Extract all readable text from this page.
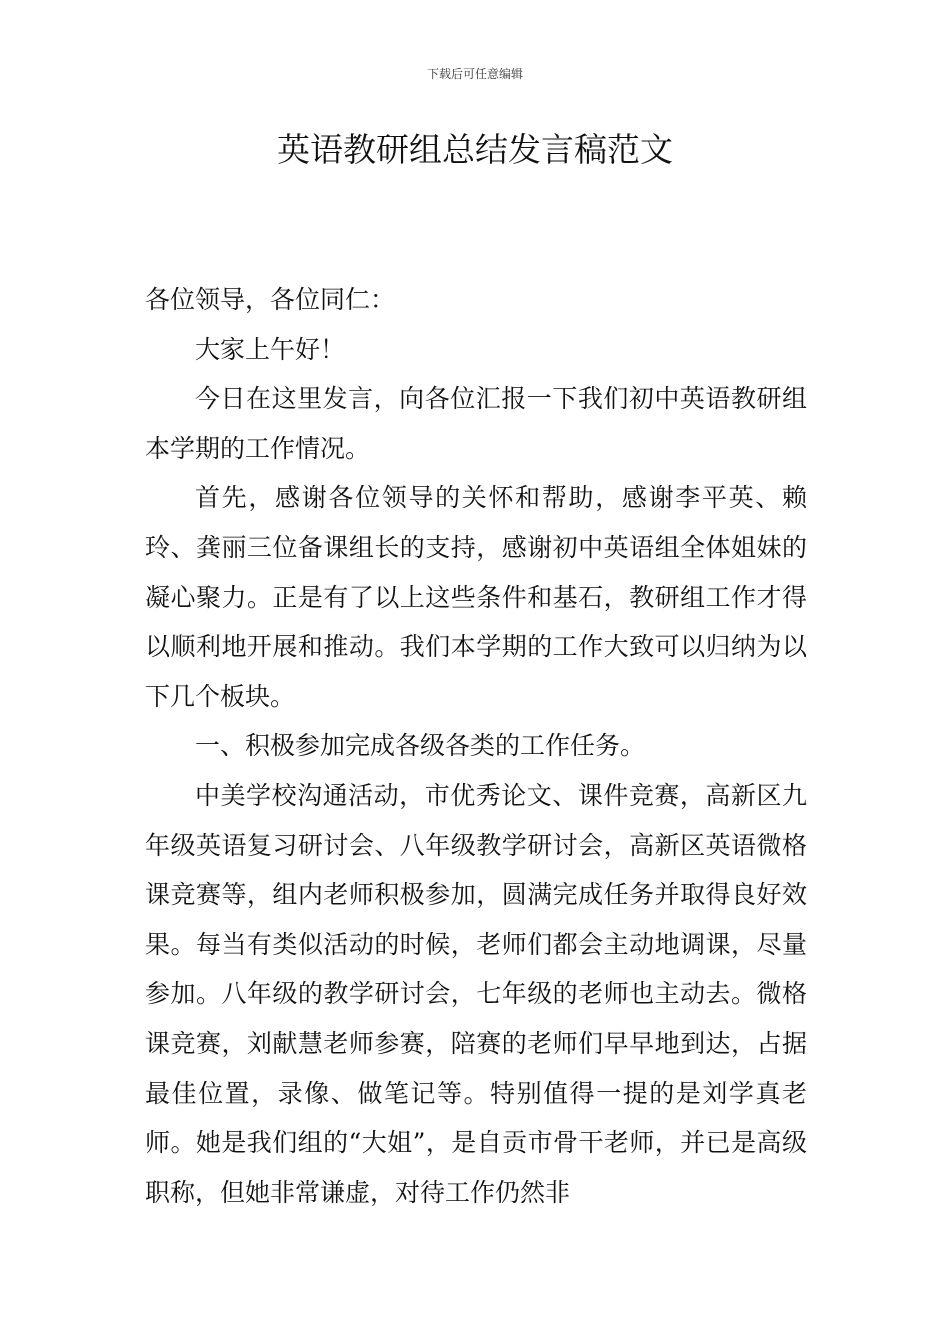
下载后可任意编辑
英语教研组总结发言稿范文

各位领导，各位同仁：

大家上午好！

今日在这里发言，向各位汇报一下我们初中英语教研组本学期的工作情况。

首先，感谢各位领导的关怀和帮助，感谢李平英、赖玲、龚丽三位备课组长的支持，感谢初中英语组全体姐妹的凝心聚力。正是有了以上这些条件和基石，教研组工作才得以顺利地开展和推动。我们本学期的工作大致可以归纳为以下几个板块。

一、积极参加完成各级各类的工作任务。

中美学校沟通活动，市优秀论文、课件竞赛，高新区九年级英语复习研讨会、八年级教学研讨会，高新区英语微格课竞赛等，组内老师积极参加，圆满完成任务并取得良好效果。每当有类似活动的时候，老师们都会主动地调课，尽量参加。八年级的教学研讨会，七年级的老师也主动去。微格课竞赛，刘献慧老师参赛，陪赛的老师们早早地到达，占据最佳位置，录像、做笔记等。特别值得一提的是刘学真老师。她是我们组的“大姐”，是自贡市骨干老师，并已是高级职称，但她非常谦虚，对待工作仍然非
